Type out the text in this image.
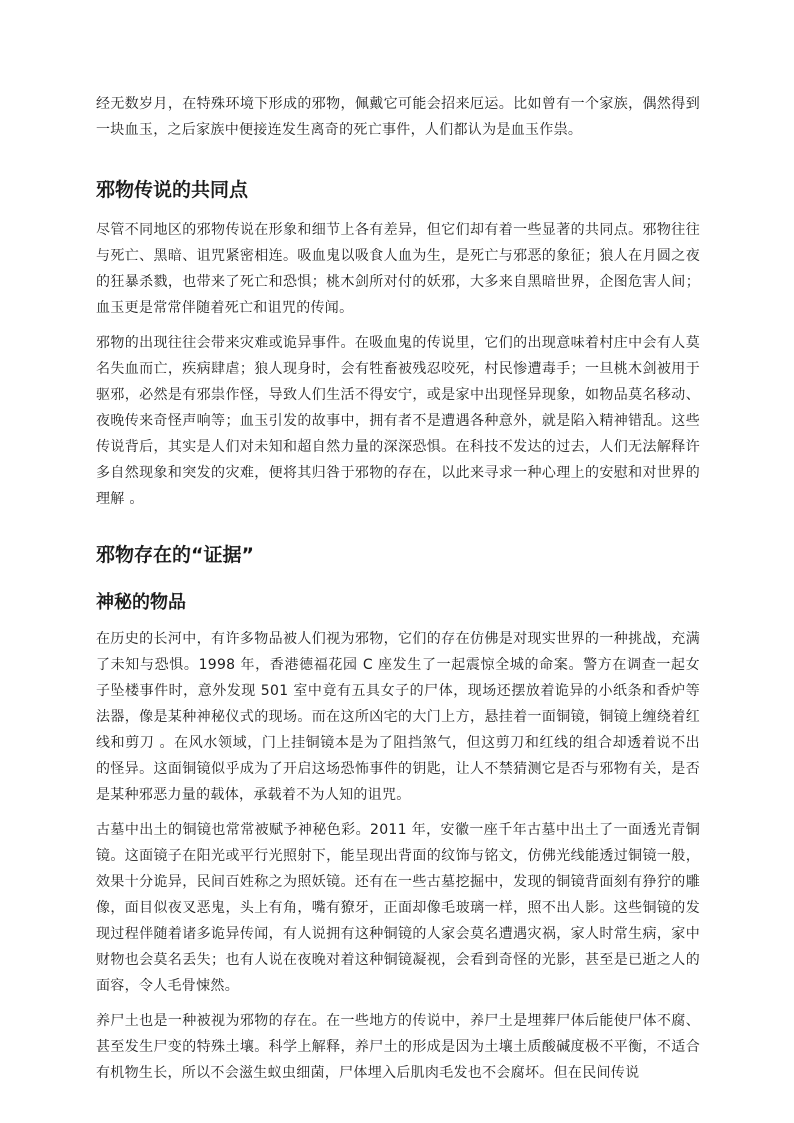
经无数岁月，在特殊环境下形成的邪物，佩戴它可能会招来厄运。比如曾有一个家族，偶然得到一块血玉，之后家族中便接连发生离奇的死亡事件，人们都认为是血玉作祟。

邪物传说的共同点

尽管不同地区的邪物传说在形象和细节上各有差异，但它们却有着一些显著的共同点。邪物往往与死亡、黑暗、诅咒紧密相连。吸血鬼以吸食人血为生，是死亡与邪恶的象征；狼人在月圆之夜的狂暴杀戮，也带来了死亡和恐惧；桃木剑所对付的妖邪，大多来自黑暗世界，企图危害人间；血玉更是常常伴随着死亡和诅咒的传闻。

邪物的出现往往会带来灾难或诡异事件。在吸血鬼的传说里，它们的出现意味着村庄中会有人莫名失血而亡，疾病肆虐；狼人现身时，会有牲畜被残忍咬死，村民惨遭毒手；一旦桃木剑被用于驱邪，必然是有邪祟作怪，导致人们生活不得安宁，或是家中出现怪异现象，如物品莫名移动、夜晚传来奇怪声响等；血玉引发的故事中，拥有者不是遭遇各种意外，就是陷入精神错乱。这些传说背后，其实是人们对未知和超自然力量的深深恐惧。在科技不发达的过去，人们无法解释许多自然现象和突发的灾难，便将其归咎于邪物的存在，以此来寻求一种心理上的安慰和对世界的理解 。

邪物存在的“证据”
神秘的物品

在历史的长河中，有许多物品被人们视为邪物，它们的存在仿佛是对现实世界的一种挑战，充满了未知与恐惧。1998 年，香港德福花园 C 座发生了一起震惊全城的命案。警方在调查一起女子坠楼事件时，意外发现 501 室中竟有五具女子的尸体，现场还摆放着诡异的小纸条和香炉等法器，像是某种神秘仪式的现场。而在这所凶宅的大门上方，悬挂着一面铜镜，铜镜上缠绕着红线和剪刀 。在风水领域，门上挂铜镜本是为了阻挡煞气，但这剪刀和红线的组合却透着说不出的怪异。这面铜镜似乎成为了开启这场恐怖事件的钥匙，让人不禁猜测它是否与邪物有关，是否是某种邪恶力量的载体，承载着不为人知的诅咒。

古墓中出土的铜镜也常常被赋予神秘色彩。2011 年，安徽一座千年古墓中出土了一面透光青铜镜。这面镜子在阳光或平行光照射下，能呈现出背面的纹饰与铭文，仿佛光线能透过铜镜一般，效果十分诡异，民间百姓称之为照妖镜。还有在一些古墓挖掘中，发现的铜镜背面刻有狰狞的雕像，面目似夜叉恶鬼，头上有角，嘴有獠牙，正面却像毛玻璃一样，照不出人影。这些铜镜的发现过程伴随着诸多诡异传闻，有人说拥有这种铜镜的人家会莫名遭遇灾祸，家人时常生病，家中财物也会莫名丢失；也有人说在夜晚对着这种铜镜凝视，会看到奇怪的光影，甚至是已逝之人的面容，令人毛骨悚然。

养尸土也是一种被视为邪物的存在。在一些地方的传说中，养尸土是埋葬尸体后能使尸体不腐、甚至发生尸变的特殊土壤。科学上解释，养尸土的形成是因为土壤土质酸碱度极不平衡，不适合有机物生长，所以不会滋生蚁虫细菌，尸体埋入后肌肉毛发也不会腐坏。但在民间传说
